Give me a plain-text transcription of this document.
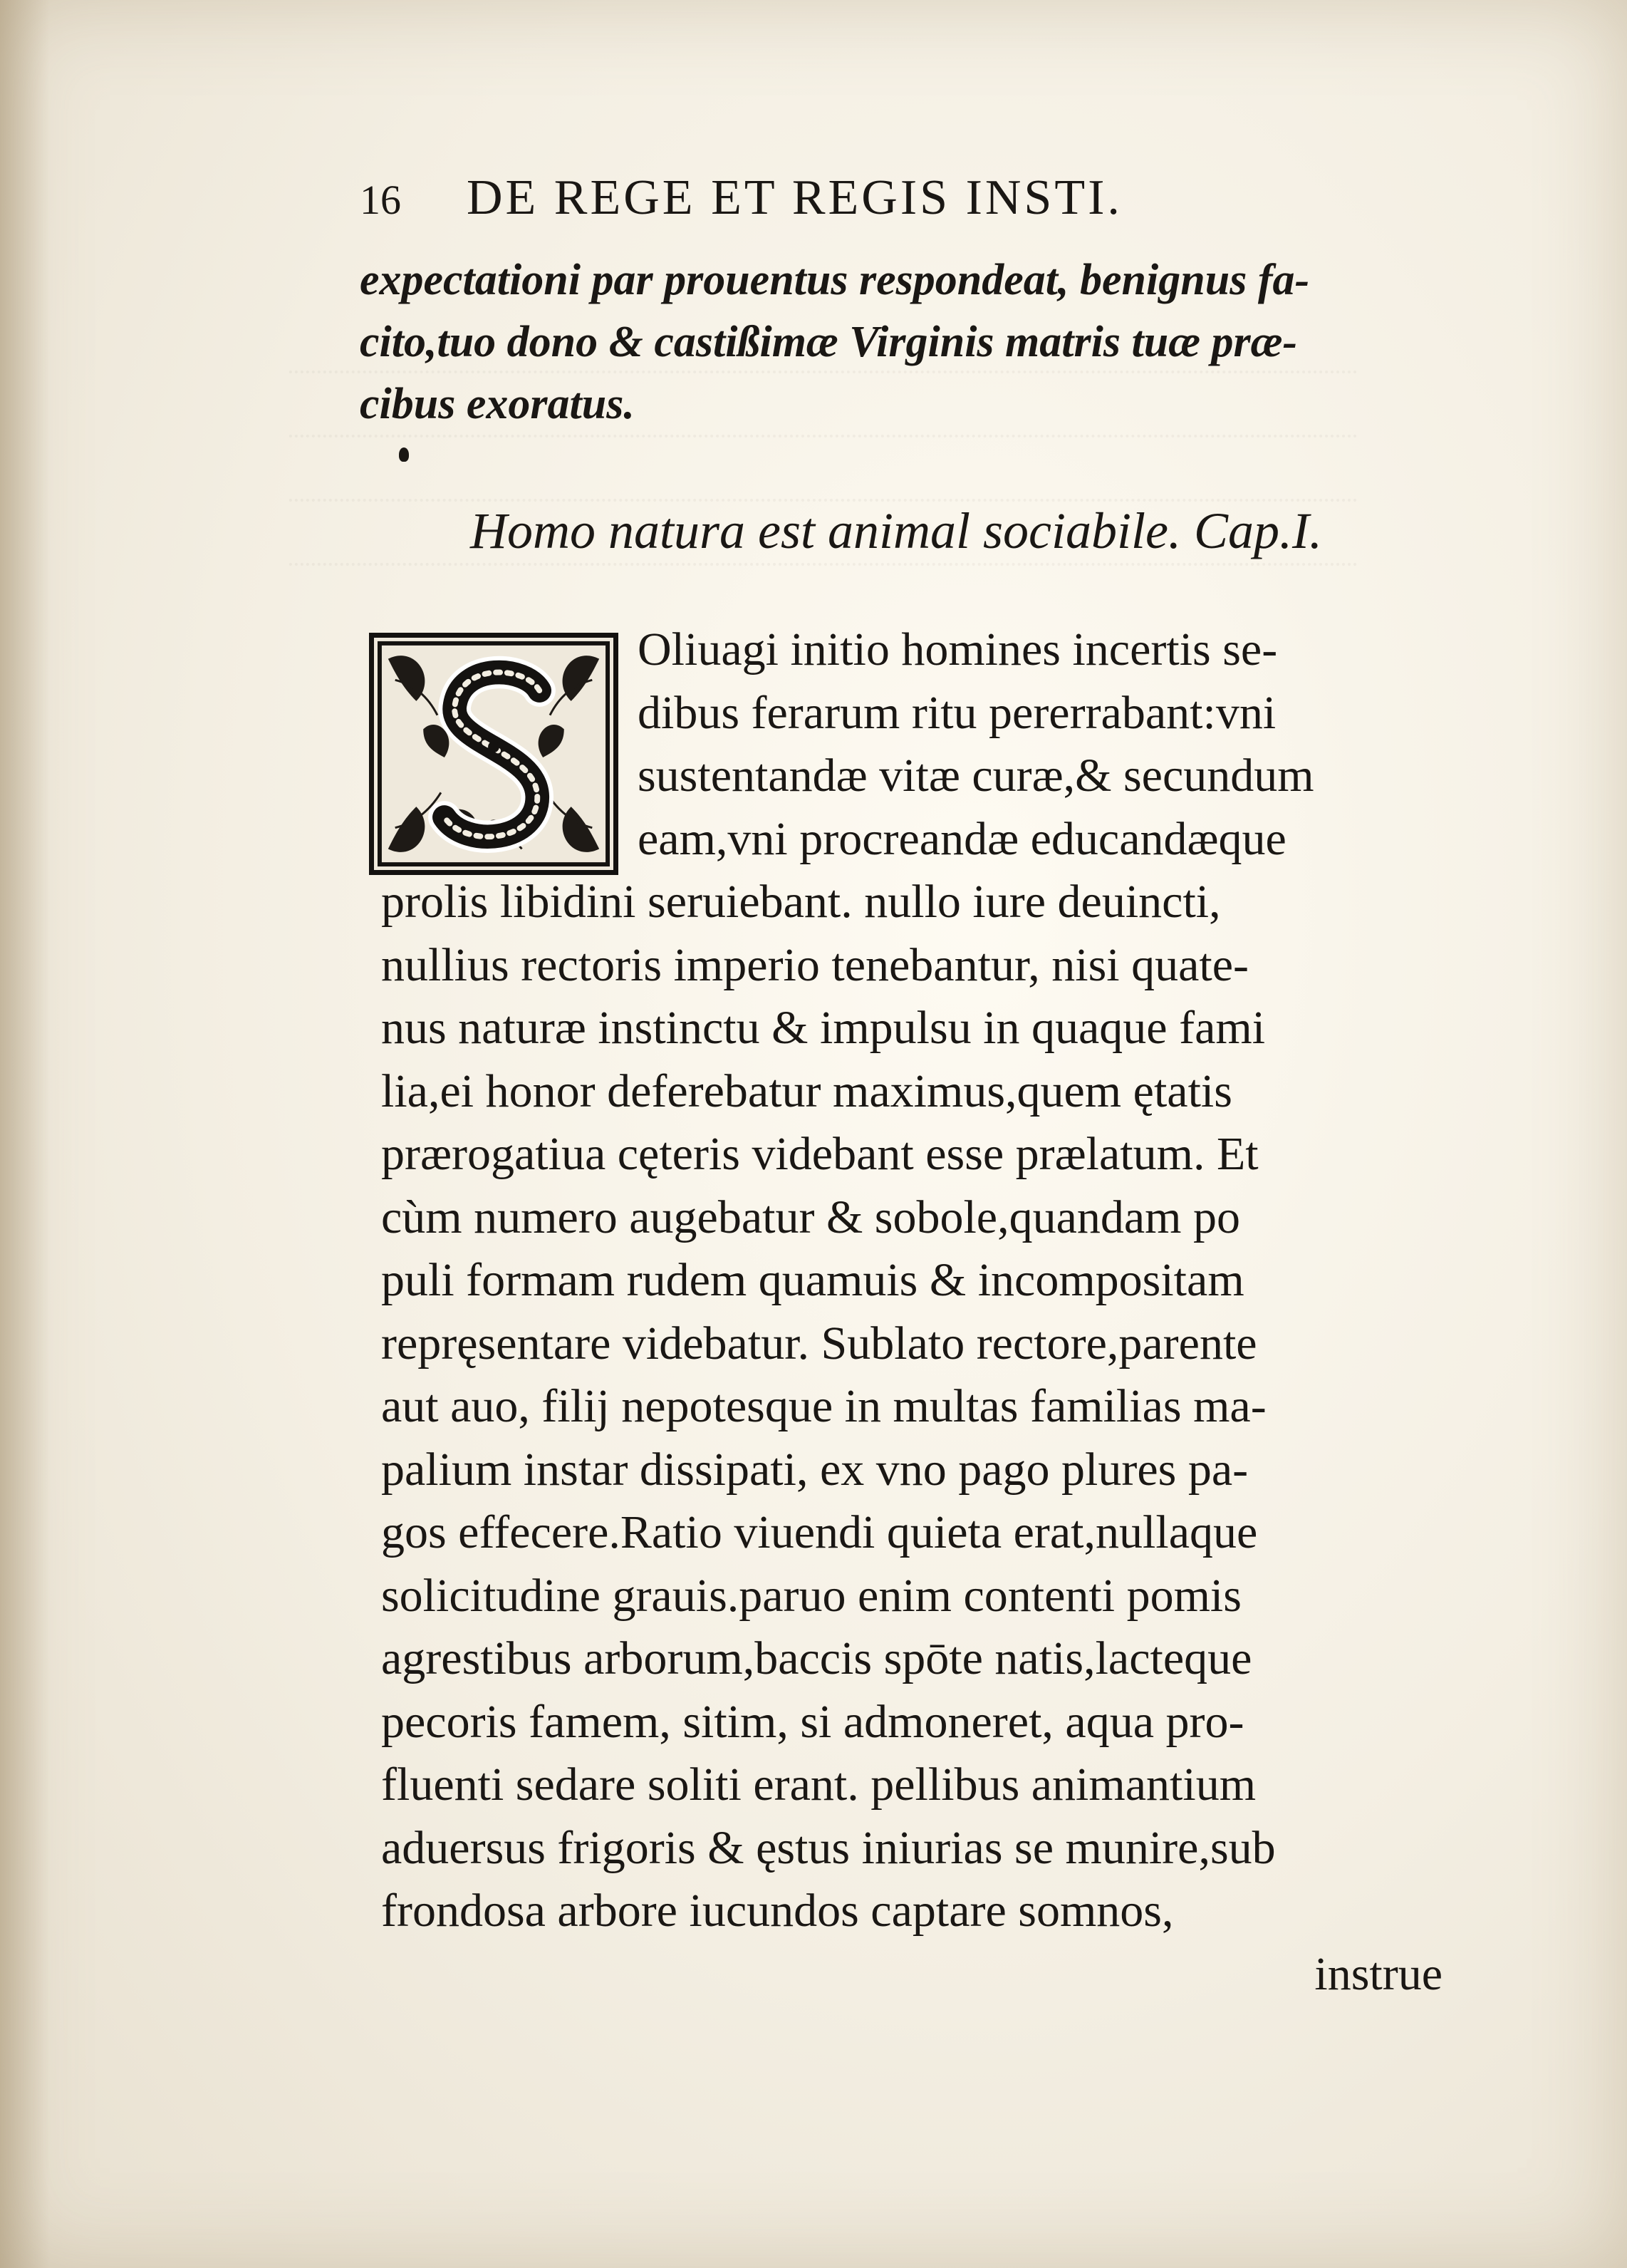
16 DE REGE ET REGIS INSTI.
expectationi par prouentus respondeat, benignus fa-
cito,tuo dono & castißimæ Virginis matris tuæ præ-
cibus exoratus.
Homo natura est animal sociabile. Cap.I.
Oliuagi initio homines incertis se-
dibus ferarum ritu pererrabant:vni
sustentandæ vitæ curæ,& secundum
eam,vni procreandæ educandæque
prolis libidini seruiebant. nullo iure deuincti,
nullius rectoris imperio tenebantur, nisi quate-
nus naturæ instinctu & impulsu in quaque fami
lia,ei honor deferebatur maximus,quem ętatis
prærogatiua cęteris videbant esse prælatum. Et
cùm numero augebatur & sobole,quandam po
puli formam rudem quamuis & incompositam
repręsentare videbatur. Sublato rectore,parente
aut auo, filij nepotesque in multas familias ma-
palium instar dissipati, ex vno pago plures pa-
gos effecere.Ratio viuendi quieta erat,nullaque
solicitudine grauis.paruo enim contenti pomis
agrestibus arborum,baccis spōte natis,lacteque
pecoris famem, sitim, si admoneret, aqua pro-
fluenti sedare soliti erant. pellibus animantium
aduersus frigoris & ęstus iniurias se munire,sub
frondosa arbore iucundos captare somnos,
instrue
